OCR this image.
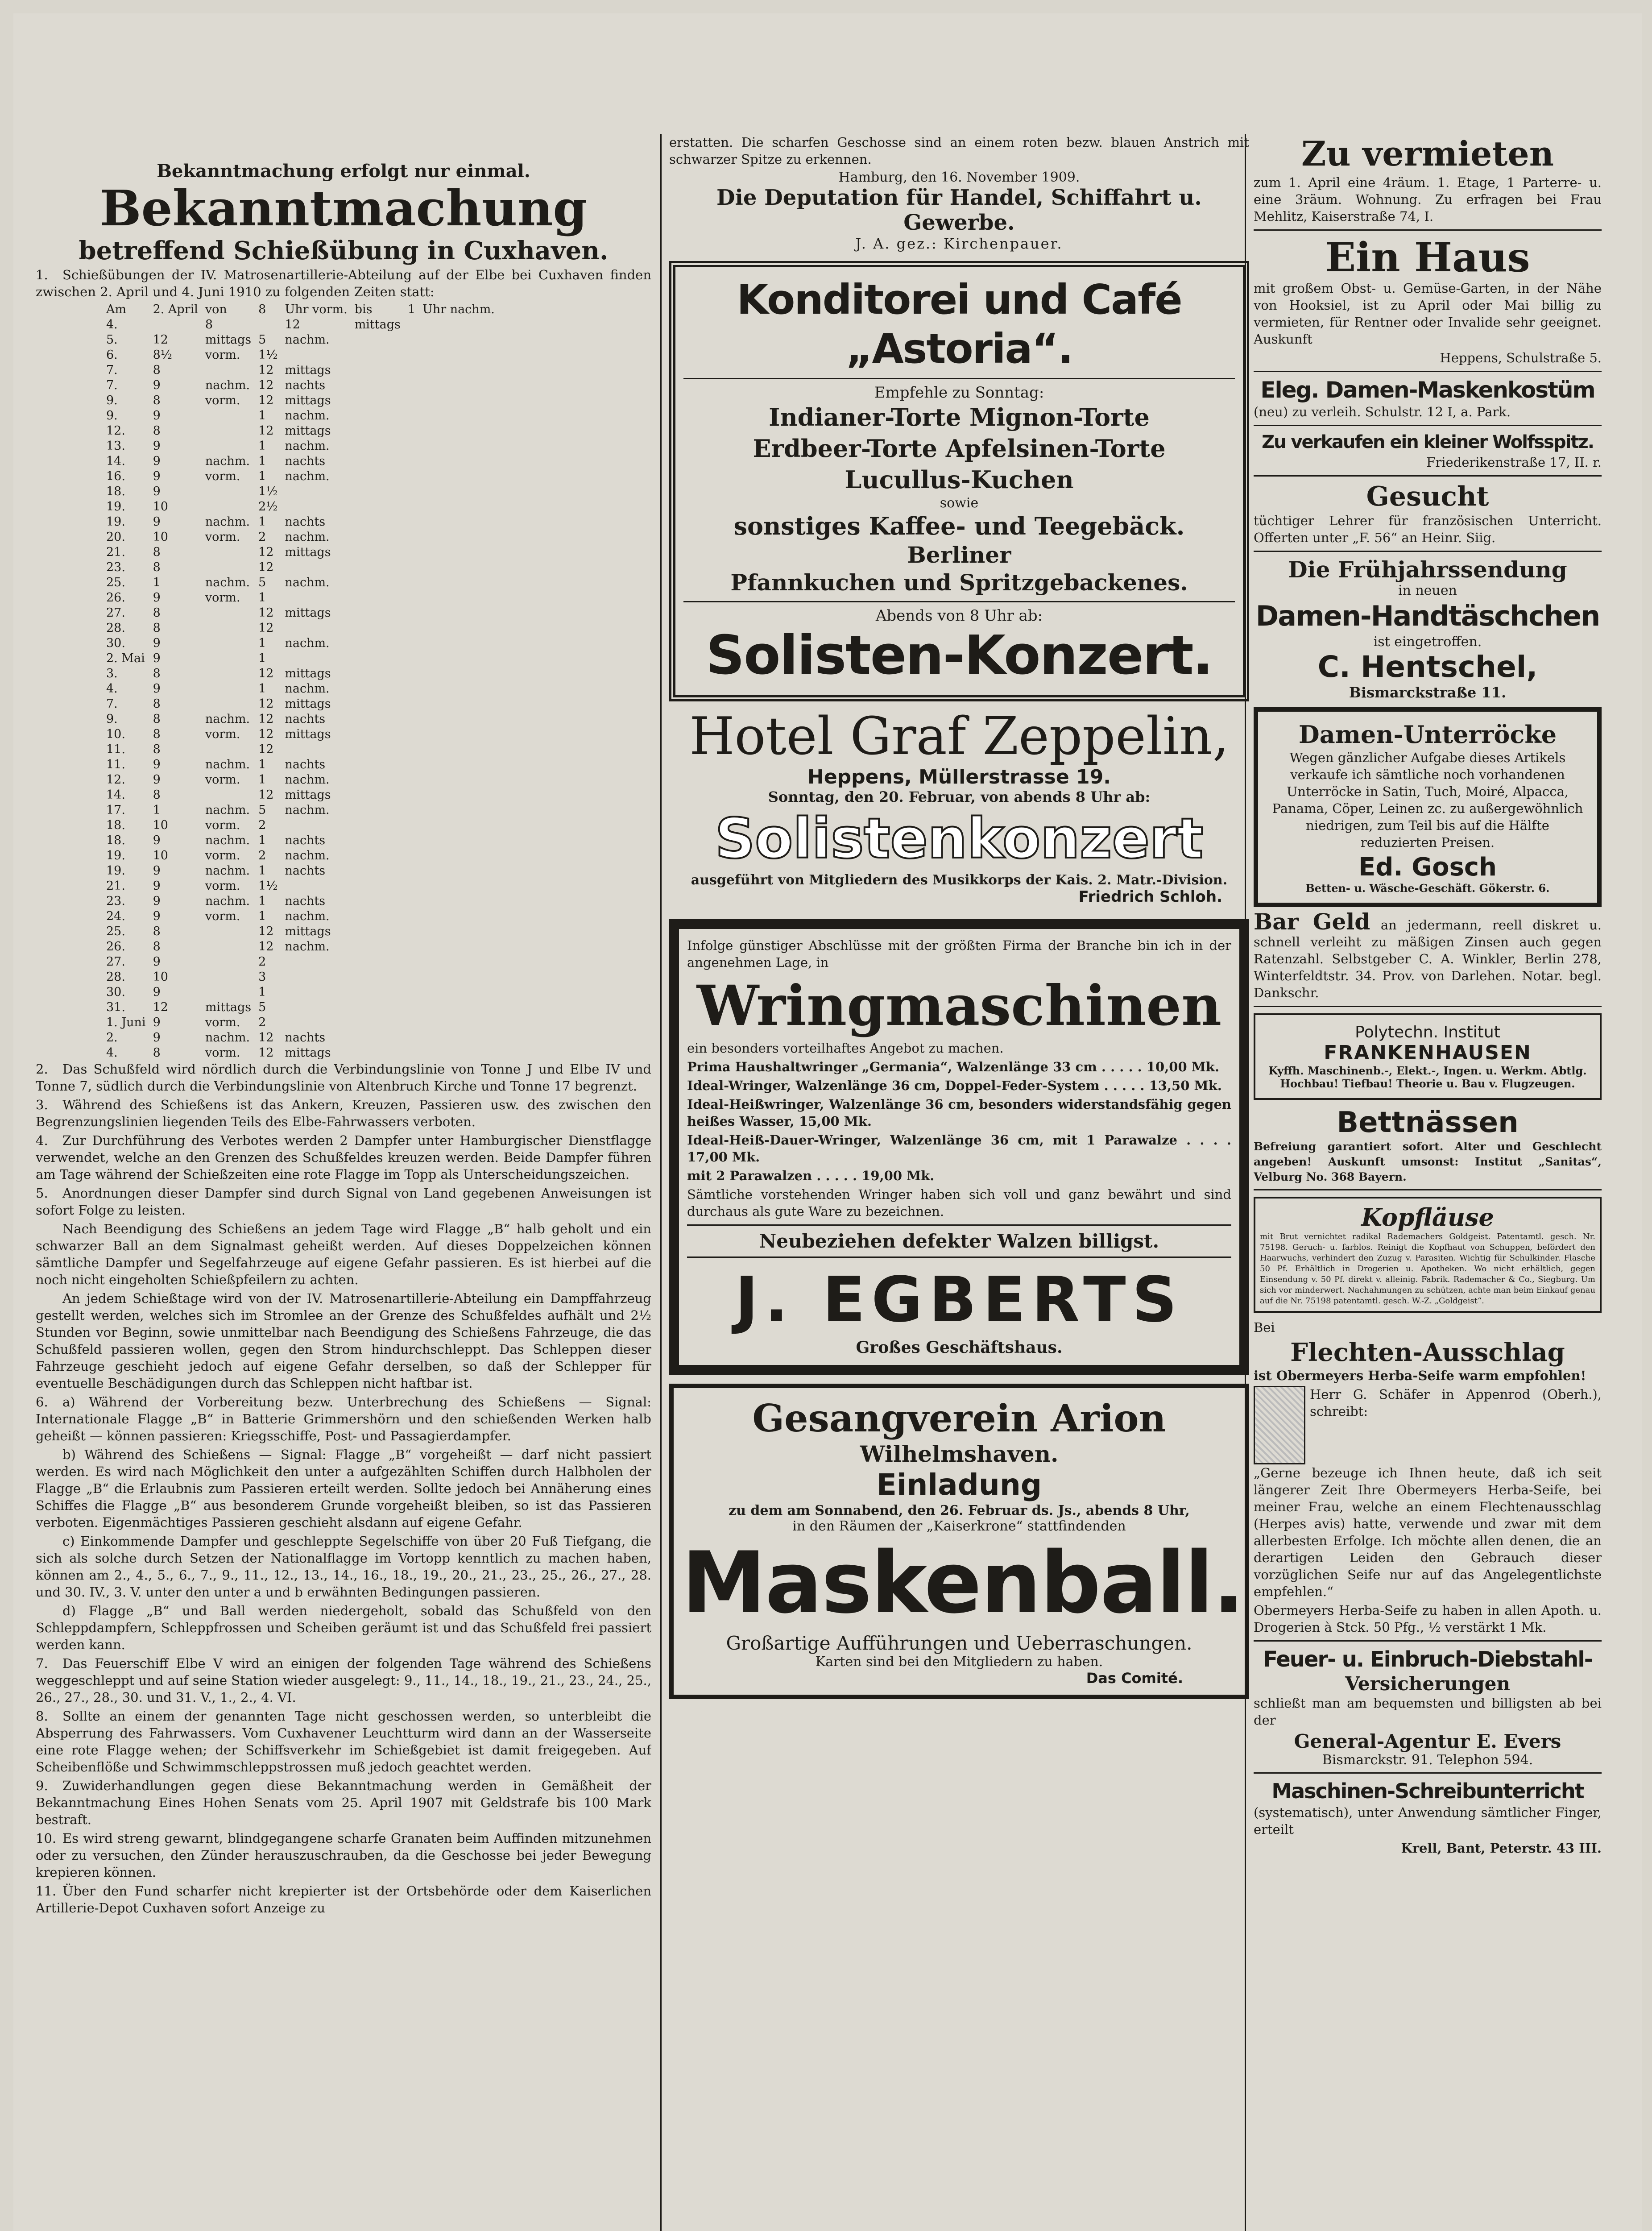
Bekanntmachung erfolgt nur einmal.

Bekanntmachung

betreffend Schießübung in Cuxhaven.

1. Schießübungen der IV. Matrosenartillerie-Abteilung auf der Elbe bei Cuxhaven finden zwischen 2. April und 4. Juni 1910 zu folgenden Zeiten statt:

Am	2. April	von	8	Uhr vorm.	bis	1	Uhr nachm.
4.		8		12	mittags		
5.	12	mittags	5	nachm.			
6.	8½	vorm.	1½				
7.	8		12	mittags			
7.	9	nachm.	12	nachts			
9.	8	vorm.	12	mittags			
9.	9		1	nachm.			
12.	8		12	mittags			
13.	9		1	nachm.			
14.	9	nachm.	1	nachts			
16.	9	vorm.	1	nachm.			
18.	9		1½				
19.	10		2½				
19.	9	nachm.	1	nachts			
20.	10	vorm.	2	nachm.			
21.	8		12	mittags			
23.	8		12				
25.	1	nachm.	5	nachm.			
26.	9	vorm.	1				
27.	8		12	mittags			
28.	8		12				
30.	9		1	nachm.			
2. Mai	9		1				
3.	8		12	mittags			
4.	9		1	nachm.			
7.	8		12	mittags			
9.	8	nachm.	12	nachts			
10.	8	vorm.	12	mittags			
11.	8		12				
11.	9	nachm.	1	nachts			
12.	9	vorm.	1	nachm.			
14.	8		12	mittags			
17.	1	nachm.	5	nachm.			
18.	10	vorm.	2				
18.	9	nachm.	1	nachts			
19.	10	vorm.	2	nachm.			
19.	9	nachm.	1	nachts			
21.	9	vorm.	1½				
23.	9	nachm.	1	nachts			
24.	9	vorm.	1	nachm.			
25.	8		12	mittags			
26.	8		12	nachm.			
27.	9		2				
28.	10		3				
30.	9		1				
31.	12	mittags	5				
1. Juni	9	vorm.	2				
2.	9	nachm.	12	nachts			
4.	8	vorm.	12	mittags			

2. Das Schußfeld wird nördlich durch die Verbindungslinie von Tonne J und Elbe IV und Tonne 7, südlich durch die Verbindungslinie von Altenbruch Kirche und Tonne 17 begrenzt.

3. Während des Schießens ist das Ankern, Kreuzen, Passieren usw. des zwischen den Begrenzungslinien liegenden Teils des Elbe-Fahrwassers verboten.

4. Zur Durchführung des Verbotes werden 2 Dampfer unter Hamburgischer Dienstflagge verwendet, welche an den Grenzen des Schußfeldes kreuzen werden. Beide Dampfer führen am Tage während der Schießzeiten eine rote Flagge im Topp als Unterscheidungszeichen.

5. Anordnungen dieser Dampfer sind durch Signal von Land gegebenen Anweisungen ist sofort Folge zu leisten.

Nach Beendigung des Schießens an jedem Tage wird Flagge „B“ halb geholt und ein schwarzer Ball an dem Signalmast geheißt werden. Auf dieses Doppelzeichen können sämtliche Dampfer und Segelfahrzeuge auf eigene Gefahr passieren. Es ist hierbei auf die noch nicht eingeholten Schießpfeilern zu achten.

An jedem Schießtage wird von der IV. Matrosenartillerie-Abteilung ein Dampffahrzeug gestellt werden, welches sich im Stromlee an der Grenze des Schußfeldes aufhält und 2½ Stunden vor Beginn, sowie unmittelbar nach Beendigung des Schießens Fahrzeuge, die das Schußfeld passieren wollen, gegen den Strom hindurchschleppt. Das Schleppen dieser Fahrzeuge geschieht jedoch auf eigene Gefahr derselben, so daß der Schlepper für eventuelle Beschädigungen durch das Schleppen nicht haftbar ist.

6. a) Während der Vorbereitung bezw. Unterbrechung des Schießens — Signal: Internationale Flagge „B“ in Batterie Grimmershörn und den schießenden Werken halb geheißt — können passieren: Kriegsschiffe, Post- und Passagierdampfer.

b) Während des Schießens — Signal: Flagge „B“ vorgeheißt — darf nicht passiert werden. Es wird nach Möglichkeit den unter a aufgezählten Schiffen durch Halbholen der Flagge „B“ die Erlaubnis zum Passieren erteilt werden. Sollte jedoch bei Annäherung eines Schiffes die Flagge „B“ aus besonderem Grunde vorgeheißt bleiben, so ist das Passieren verboten. Eigenmächtiges Passieren geschieht alsdann auf eigene Gefahr.

c) Einkommende Dampfer und geschleppte Segelschiffe von über 20 Fuß Tiefgang, die sich als solche durch Setzen der Nationalflagge im Vortopp kenntlich zu machen haben, können am 2., 4., 5., 6., 7., 9., 11., 12., 13., 14., 16., 18., 19., 20., 21., 23., 25., 26., 27., 28. und 30. IV., 3. V. unter den unter a und b erwähnten Bedingungen passieren.

d) Flagge „B“ und Ball werden niedergeholt, sobald das Schußfeld von den Schleppdampfern, Schleppfrossen und Scheiben geräumt ist und das Schußfeld frei passiert werden kann.

7. Das Feuerschiff Elbe V wird an einigen der folgenden Tage während des Schießens weggeschleppt und auf seine Station wieder ausgelegt: 9., 11., 14., 18., 19., 21., 23., 24., 25., 26., 27., 28., 30. und 31. V., 1., 2., 4. VI.

8. Sollte an einem der genannten Tage nicht geschossen werden, so unterbleibt die Absperrung des Fahrwassers. Vom Cuxhavener Leuchtturm wird dann an der Wasserseite eine rote Flagge wehen; der Schiffsverkehr im Schießgebiet ist damit freigegeben. Auf Scheibenflöße und Schwimmschleppstrossen muß jedoch geachtet werden.

9. Zuwiderhandlungen gegen diese Bekanntmachung werden in Gemäßheit der Bekanntmachung Eines Hohen Senats vom 25. April 1907 mit Geldstrafe bis 100 Mark bestraft.

10. Es wird streng gewarnt, blindgegangene scharfe Granaten beim Auffinden mitzunehmen oder zu versuchen, den Zünder herauszuschrauben, da die Geschosse bei jeder Bewegung krepieren können.

11. Über den Fund scharfer nicht krepierter ist der Ortsbehörde oder dem Kaiserlichen Artillerie-Depot Cuxhaven sofort Anzeige zu

erstatten. Die scharfen Geschosse sind an einem roten bezw. blauen Anstrich mit schwarzer Spitze zu erkennen.

Hamburg, den 16. November 1909.

Die Deputation für Handel, Schiffahrt u. Gewerbe.

J. A. gez.: Kirchenpauer.

Konditorei und Café „Astoria“.

Empfehle zu Sonntag:

Indianer-Torte Mignon-Torte

Erdbeer-Torte Apfelsinen-Torte

Lucullus-Kuchen

sowie

sonstiges Kaffee- und Teegebäck.

Berliner

Pfannkuchen und Spritzgebackenes.

Abends von 8 Uhr ab:

Solisten-Konzert.

Hotel Graf Zeppelin,

Heppens, Müllerstrasse 19.

Sonntag, den 20. Februar, von abends 8 Uhr ab:

Solistenkonzert

ausgeführt von Mitgliedern des Musikkorps der Kais. 2. Matr.-Division.

Friedrich Schloh.

Infolge günstiger Abschlüsse mit der größten Firma der Branche bin ich in der angenehmen Lage, in

Wringmaschinen

ein besonders vorteilhaftes Angebot zu machen.

Prima Haushaltwringer „Germania“, Walzenlänge 33 cm . . . . . 10,00 Mk.

Ideal-Wringer, Walzenlänge 36 cm, Doppel-Feder-System . . . . . 13,50 Mk.

Ideal-Heißwringer, Walzenlänge 36 cm, besonders widerstandsfähig gegen heißes Wasser, 15,00 Mk.

Ideal-Heiß-Dauer-Wringer, Walzenlänge 36 cm, mit 1 Parawalze . . . . 17,00 Mk.

mit 2 Parawalzen . . . . . 19,00 Mk.

Sämtliche vorstehenden Wringer haben sich voll und ganz bewährt und sind durchaus als gute Ware zu bezeichnen.

Neubeziehen defekter Walzen billigst.

J. EGBERTS

Großes Geschäftshaus.

Gesangverein Arion

Wilhelmshaven.

Einladung

zu dem am Sonnabend, den 26. Februar ds. Js., abends 8 Uhr,

in den Räumen der „Kaiserkrone“ stattfindenden

Maskenball.

Großartige Aufführungen und Ueberraschungen.

Karten sind bei den Mitgliedern zu haben.

Das Comité.

Zu vermieten

zum 1. April eine 4räum. 1. Etage, 1 Parterre- u. eine 3räum. Wohnung. Zu erfragen bei Frau Mehlitz, Kaiserstraße 74, I.

Ein Haus

mit großem Obst- u. Gemüse-Garten, in der Nähe von Hooksiel, ist zu April oder Mai billig zu vermieten, für Rentner oder Invalide sehr geeignet. Auskunft

Heppens, Schulstraße 5.

Eleg. Damen-Maskenkostüm

(neu) zu verleih. Schulstr. 12 I, a. Park.

Zu verkaufen ein kleiner Wolfsspitz.

Friederikenstraße 17, II. r.

Gesucht

tüchtiger Lehrer für französischen Unterricht. Offerten unter „F. 56“ an Heinr. Siig.

Die Frühjahrssendung

in neuen

Damen-Handtäschchen

ist eingetroffen.

C. Hentschel,

Bismarckstraße 11.

Damen-Unterröcke

Wegen gänzlicher Aufgabe dieses Artikels verkaufe ich sämtliche noch vorhandenen Unterröcke in Satin, Tuch, Moiré, Alpacca, Panama, Cöper, Leinen zc. zu außergewöhnlich niedrigen, zum Teil bis auf die Hälfte reduzierten Preisen.

Ed. Gosch

Betten- u. Wäsche-Geschäft. Gökerstr. 6.

Bar Geld an jedermann, reell diskret u. schnell verleiht zu mäßigen Zinsen auch gegen Ratenzahl. Selbstgeber C. A. Winkler, Berlin 278, Winterfeldtstr. 34. Prov. von Darlehen. Notar. begl. Dankschr.

Polytechn. Institut

FRANKENHAUSEN

Kyffh. Maschinenb.-, Elekt.-, Ingen. u. Werkm. Abtlg. Hochbau! Tiefbau! Theorie u. Bau v. Flugzeugen.

Bettnässen

Befreiung garantiert sofort. Alter und Geschlecht angeben! Auskunft umsonst: Institut „Sanitas“, Velburg No. 368 Bayern.

Kopfläuse

mit Brut vernichtet radikal Rademachers Goldgeist. Patentamtl. gesch. Nr. 75198. Geruch- u. farblos. Reinigt die Kopfhaut von Schuppen, befördert den Haarwuchs, verhindert den Zuzug v. Parasiten. Wichtig für Schulkinder. Flasche 50 Pf. Erhältlich in Drogerien u. Apotheken. Wo nicht erhältlich, gegen Einsendung v. 50 Pf. direkt v. alleinig. Fabrik. Rademacher & Co., Siegburg. Um sich vor minderwert. Nachahmungen zu schützen, achte man beim Einkauf genau auf die Nr. 75198 patentamtl. gesch. W.-Z. „Goldgeist“.

Bei

Flechten-Ausschlag

ist Obermeyers Herba-Seife warm empfohlen!

Herr G. Schäfer in Appenrod (Oberh.), schreibt:

„Gerne bezeuge ich Ihnen heute, daß ich seit längerer Zeit Ihre Obermeyers Herba-Seife, bei meiner Frau, welche an einem Flechtenausschlag (Herpes avis) hatte, verwende und zwar mit dem allerbesten Erfolge. Ich möchte allen denen, die an derartigen Leiden den Gebrauch dieser vorzüglichen Seife nur auf das Angelegentlichste empfehlen.“

Obermeyers Herba-Seife zu haben in allen Apoth. u. Drogerien à Stck. 50 Pfg., ½ verstärkt 1 Mk.

Feuer- u. Einbruch-Diebstahl-

Versicherungen

schließt man am bequemsten und billigsten ab bei der

General-Agentur E. Evers

Bismarckstr. 91. Telephon 594.

Maschinen-Schreibunterricht

(systematisch), unter Anwendung sämtlicher Finger, erteilt

Krell, Bant, Peterstr. 43 III.
